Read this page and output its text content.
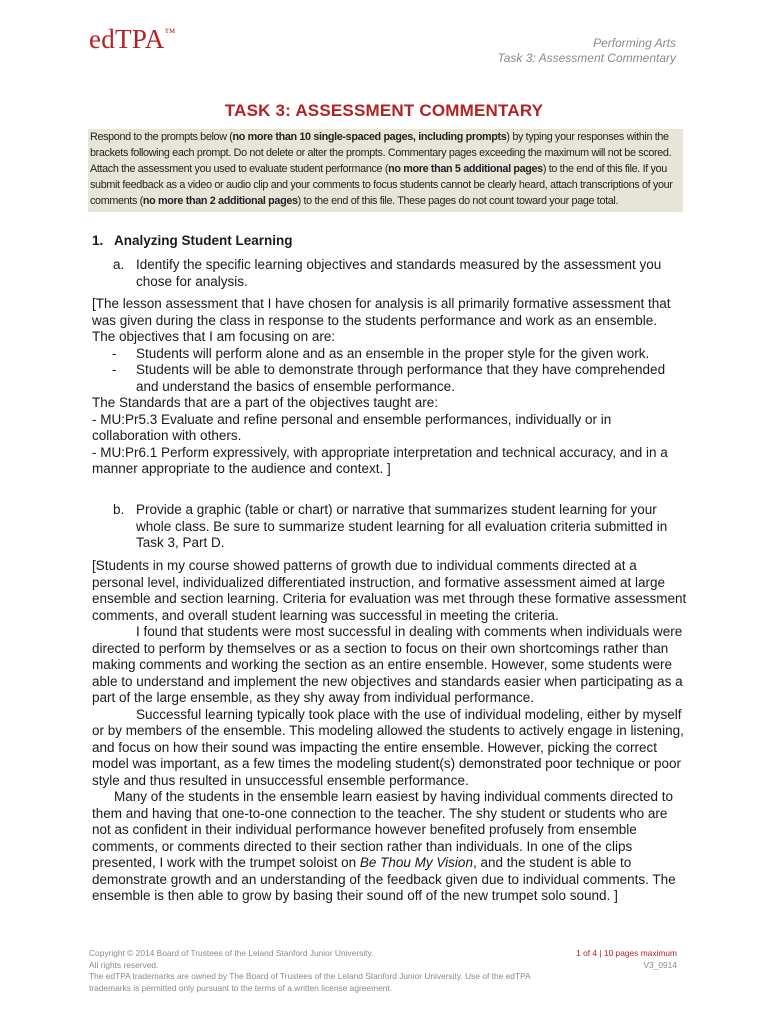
edTPA™
Performing Arts
Task 3: Assessment Commentary
TASK 3: ASSESSMENT COMMENTARY
Respond to the prompts below (no more than 10 single-spaced pages, including prompts) by typing your responses within the brackets following each prompt. Do not delete or alter the prompts. Commentary pages exceeding the maximum will not be scored. Attach the assessment you used to evaluate student performance (no more than 5 additional pages) to the end of this file. If you submit feedback as a video or audio clip and your comments to focus students cannot be clearly heard, attach transcriptions of your comments (no more than 2 additional pages) to the end of this file. These pages do not count toward your page total.
1. Analyzing Student Learning
a. Identify the specific learning objectives and standards measured by the assessment you chose for analysis.

[The lesson assessment that I have chosen for analysis is all primarily formative assessment that was given during the class in response to the students performance and work as an ensemble.

The objectives that I am focusing on are:

- Students will perform alone and as an ensemble in the proper style for the given work.

- Students will be able to demonstrate through performance that they have comprehended and understand the basics of ensemble performance.

The Standards that are a part of the objectives taught are:

- MU:Pr5.3 Evaluate and refine personal and ensemble performances, individually or in collaboration with others.

- MU:Pr6.1 Perform expressively, with appropriate interpretation and technical accuracy, and in a manner appropriate to the audience and context. ]

b. Provide a graphic (table or chart) or narrative that summarizes student learning for your whole class. Be sure to summarize student learning for all evaluation criteria submitted in Task 3, Part D.

[Students in my course showed patterns of growth due to individual comments directed at a personal level, individualized differentiated instruction, and formative assessment aimed at large ensemble and section learning. Criteria for evaluation was met through these formative assessment comments, and overall student learning was successful in meeting the criteria.

I found that students were most successful in dealing with comments when individuals were directed to perform by themselves or as a section to focus on their own shortcomings rather than making comments and working the section as an entire ensemble. However, some students were able to understand and implement the new objectives and standards easier when participating as a part of the large ensemble, as they shy away from individual performance.

Successful learning typically took place with the use of individual modeling, either by myself or by members of the ensemble. This modeling allowed the students to actively engage in listening, and focus on how their sound was impacting the entire ensemble. However, picking the correct model was important, as a few times the modeling student(s) demonstrated poor technique or poor style and thus resulted in unsuccessful ensemble performance.

Many of the students in the ensemble learn easiest by having individual comments directed to them and having that one-to-one connection to the teacher. The shy student or students who are not as confident in their individual performance however benefited profusely from ensemble comments, or comments directed to their section rather than individuals. In one of the clips presented, I work with the trumpet soloist on Be Thou My Vision, and the student is able to demonstrate growth and an understanding of the feedback given due to individual comments. The ensemble is then able to grow by basing their sound off of the new trumpet solo sound. ]

Copyright © 2014 Board of Trustees of the Leland Stanford Junior University.
All rights reserved.
The edTPA trademarks are owned by The Board of Trustees of the Leland Stanford Junior University. Use of the edTPA trademarks is permitted only pursuant to the terms of a written license agreement.
1 of 4 | 10 pages maximum
V3_0914
